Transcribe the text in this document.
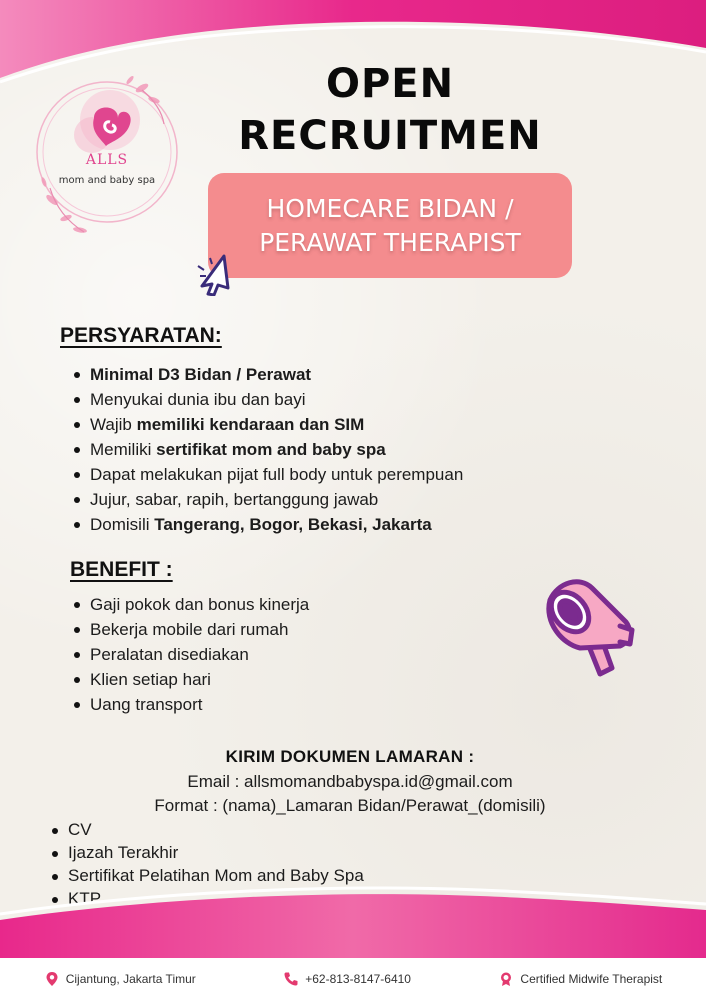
ALLS
mom and baby spa
OPEN
RECRUITMEN
HOMECARE BIDAN /
PERAWAT THERAPIST
PERSYARATAN:
Minimal D3 Bidan / Perawat
Menyukai dunia ibu dan bayi
Wajib memiliki kendaraan dan SIM
Memiliki sertifikat mom and baby spa
Dapat melakukan pijat full body untuk perempuan
Jujur, sabar, rapih, bertanggung jawab
Domisili Tangerang, Bogor, Bekasi, Jakarta
BENEFIT :
Gaji pokok dan bonus kinerja
Bekerja mobile dari rumah
Peralatan disediakan
Klien setiap hari
Uang transport
KIRIM DOKUMEN LAMARAN :
Email : allsmomandbabyspa.id@gmail.com
Format : (nama)_Lamaran Bidan/Perawat_(domisili)
CV
Ijazah Terakhir
Sertifikat Pelatihan Mom and Baby Spa
KTP
Cijantung, Jakarta Timur	+62-813-8147-6410	Certified Midwife Therapist
